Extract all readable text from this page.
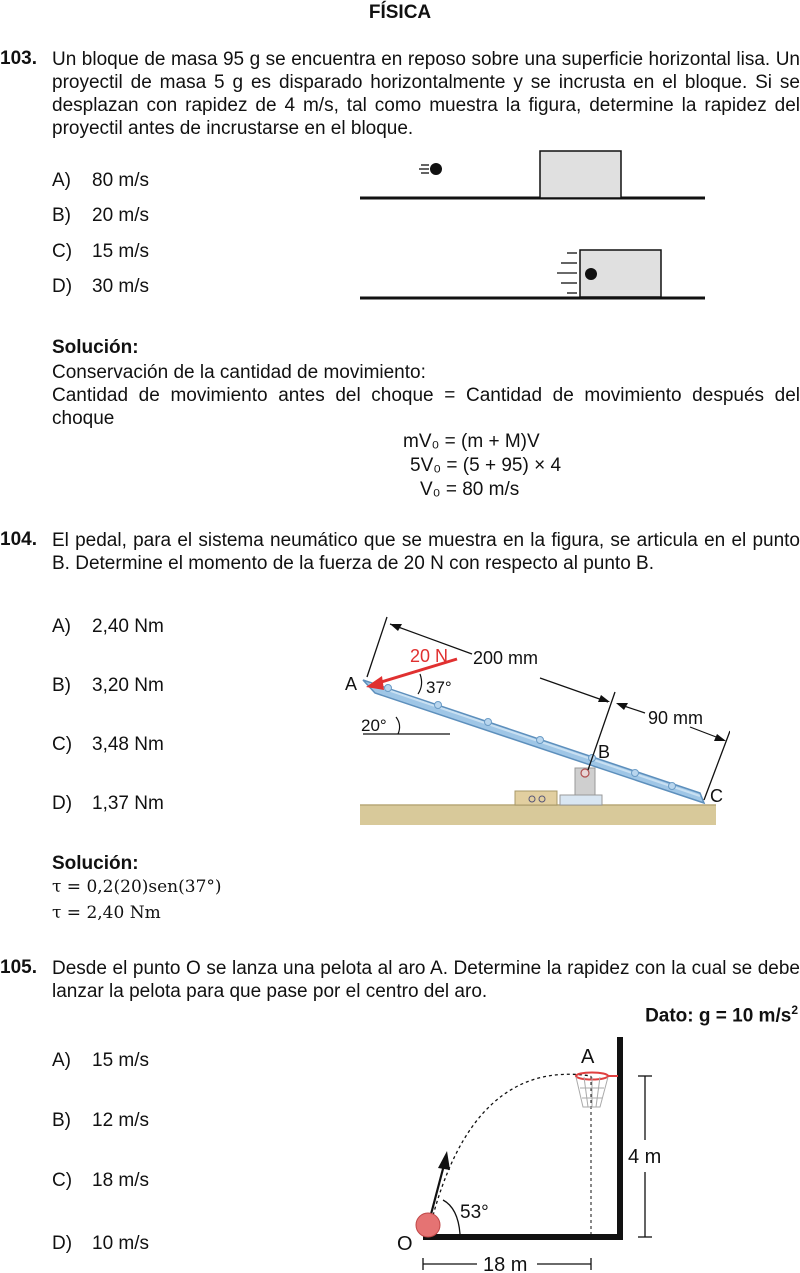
FÍSICA
103. Un bloque de masa 95 g se encuentra en reposo sobre una superficie horizontal lisa. Un proyectil de masa 5 g es disparado horizontalmente y se incrusta en el bloque. Si se desplazan con rapidez de 4 m/s, tal como muestra la figura, determine la rapidez del proyectil antes de incrustarse en el bloque.
A) 80 m/s
B) 20 m/s
C) 15 m/s
D) 30 m/s
Solución:
Conservación de la cantidad de movimiento:
Cantidad de movimiento antes del choque = Cantidad de movimiento después del choque
mV₀ = (m + M)V
5V₀ = (5 + 95) × 4
V₀ = 80 m/s
104. El pedal, para el sistema neumático que se muestra en la figura, se articula en el punto B. Determine el momento de la fuerza de 20 N con respecto al punto B.
A) 2,40 Nm
B) 3,20 Nm
C) 3,48 Nm
D) 1,37 Nm
20 N 200 mm
90 mm
37°
20°
A
B
C
Solución:
τ = 0,2(20)sen(37°)
τ = 2,40 Nm
105. Desde el punto O se lanza una pelota al aro A. Determine la rapidez con la cual se debe lanzar la pelota para que pase por el centro del aro.
Dato: g = 10 $m/s^2$
A) 15 m/s
B) 12 m/s
C) 18 m/s
D) 10 m/s
A
O
4 m
18 m
53°
